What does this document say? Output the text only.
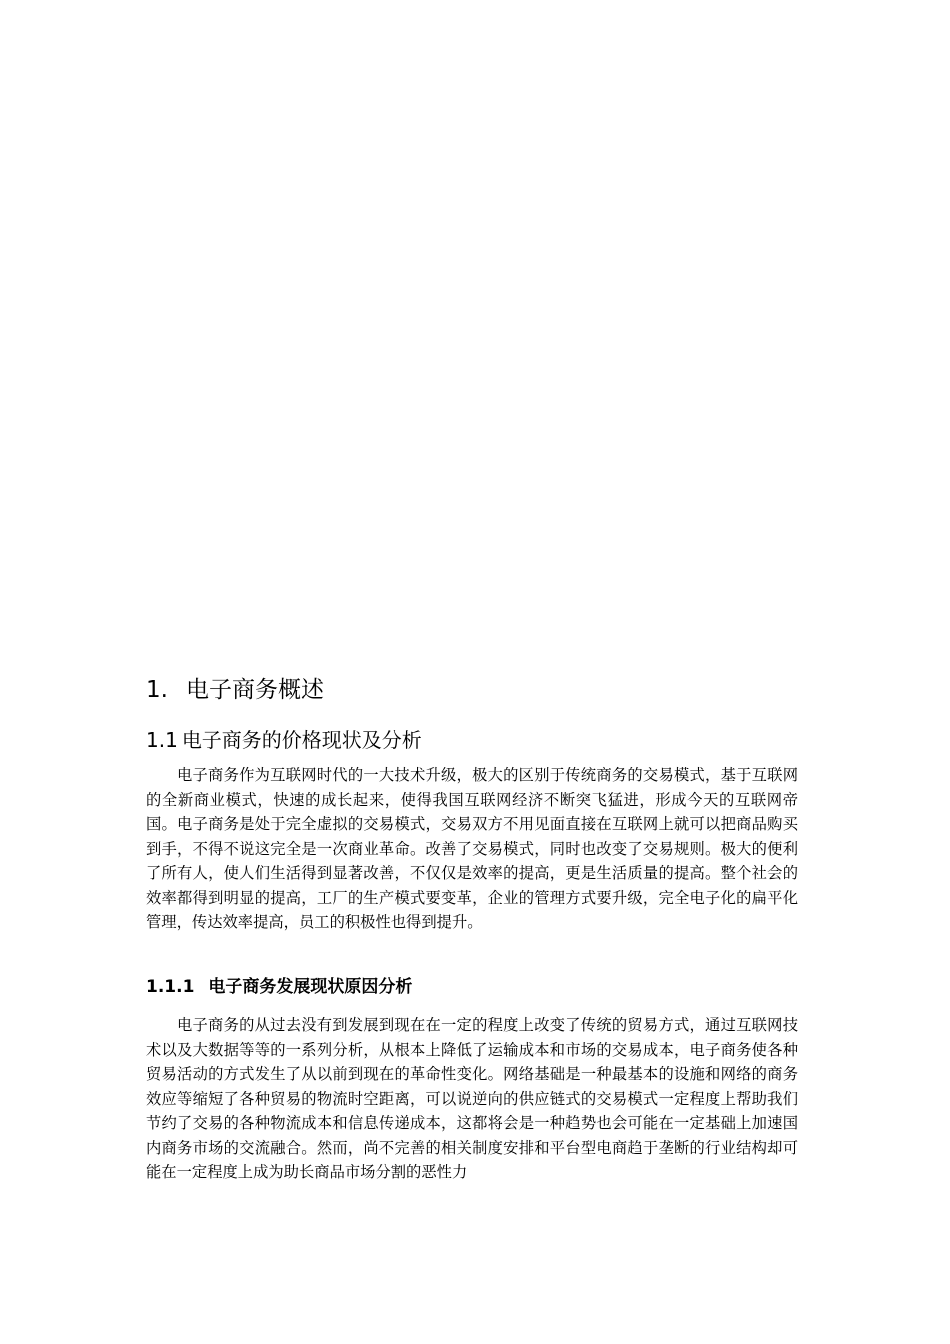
1. 电子商务概述
1.1 电子商务的价格现状及分析

电子商务作为互联网时代的一大技术升级，极大的区别于传统商务的交易模式，基于互联网的全新商业模式，快速的成长起来，使得我国互联网经济不断突飞猛进，形成今天的互联网帝国。电子商务是处于完全虚拟的交易模式，交易双方不用见面直接在互联网上就可以把商品购买到手，不得不说这完全是一次商业革命。改善了交易模式，同时也改变了交易规则。极大的便利了所有人，使人们生活得到显著改善，不仅仅是效率的提高，更是生活质量的提高。整个社会的效率都得到明显的提高，工厂的生产模式要变革，企业的管理方式要升级，完全电子化的扁平化管理，传达效率提高，员工的积极性也得到提升。

1.1.1 电子商务发展现状原因分析

电子商务的从过去没有到发展到现在在一定的程度上改变了传统的贸易方式，通过互联网技术以及大数据等等的一系列分析，从根本上降低了运输成本和市场的交易成本，电子商务使各种贸易活动的方式发生了从以前到现在的革命性变化。网络基础是一种最基本的设施和网络的商务效应等缩短了各种贸易的物流时空距离，可以说逆向的供应链式的交易模式一定程度上帮助我们节约了交易的各种物流成本和信息传递成本，这都将会是一种趋势也会可能在一定基础上加速国内商务市场的交流融合。然而，尚不完善的相关制度安排和平台型电商趋于垄断的行业结构却可能在一定程度上成为助长商品市场分割的恶性力
